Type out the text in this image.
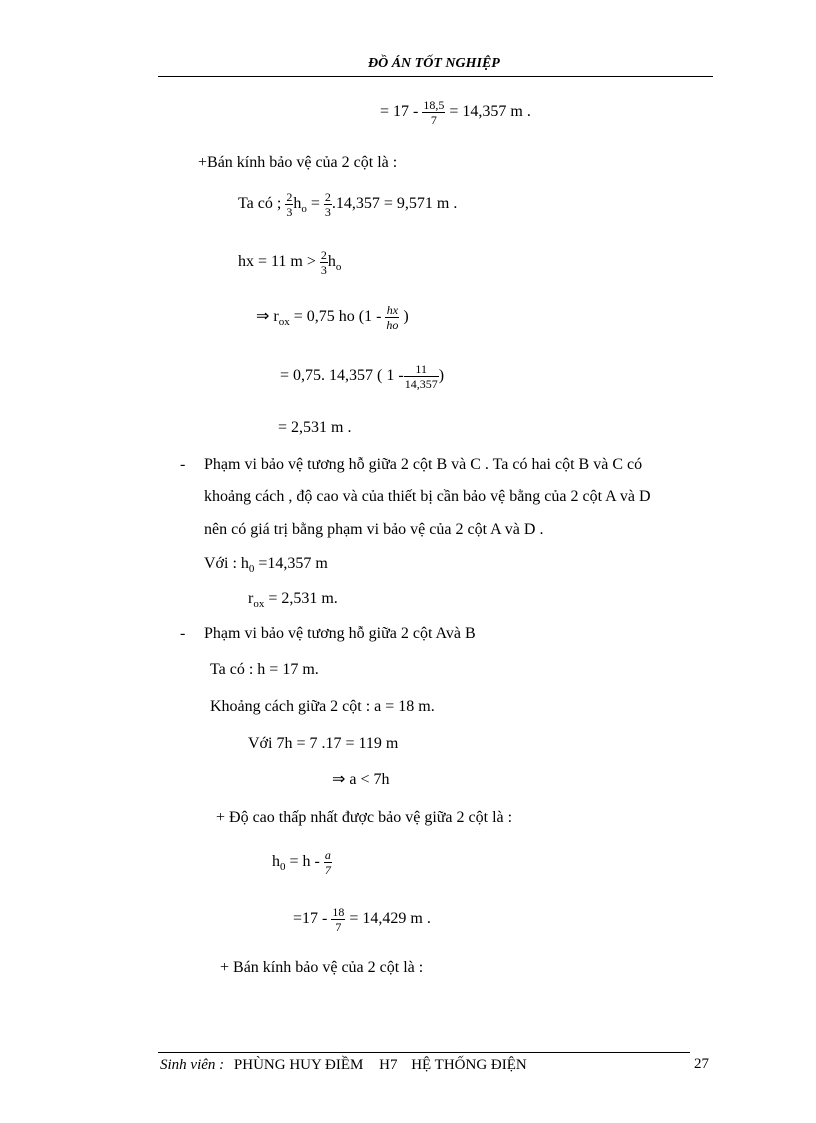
ĐỒ ÁN TỐT NGHIỆP
= $17 - \frac{18,5}{7} = 14,357$ m .
+Bán kính bảo vệ của 2 cột là :
Ta có ; $\frac{2}{3} h_o = \frac{2}{3} .14,357 = 9,571$ m .
hx = 11 $m > \frac{2}{3} h_o$
⇒ $r_{ox} = 0,75$ ho ($1 - \frac{hx}{ho}$ )
= 0,75. 14,357 ( $1 - \frac{11}{14,357}$ )
= 2,531 m .
- Phạm vi bảo vệ tương hỗ giữa 2 cột B và C . Ta có hai cột B và C có
khoảng cách , độ cao và của thiết bị cần bảo vệ bằng của 2 cột A và D
nên có giá trị bằng phạm vi bảo vệ của 2 cột A và D .
Với : $h_0 =14,357$ m
$r_{ox} = 2,531$ m.
- Phạm vi bảo vệ tương hỗ giữa 2 cột Avà B
Ta có : h = 17 m.
Khoảng cách giữa 2 cột : a = 18 m.
Với 7h = 7 .17 = 119 m
⇒ a < 7h
+ Độ cao thấp nhất được bảo vệ giữa 2 cột là :
$h_0 = h - \frac{a}{7}$
$=17 - \frac{18}{7} = 14,429$ m .
+ Bán kính bảo vệ của 2 cột là :
Sinh viên : PHÙNG HUY ĐIỀM H7 HỆ THỐNG ĐIỆN	27
